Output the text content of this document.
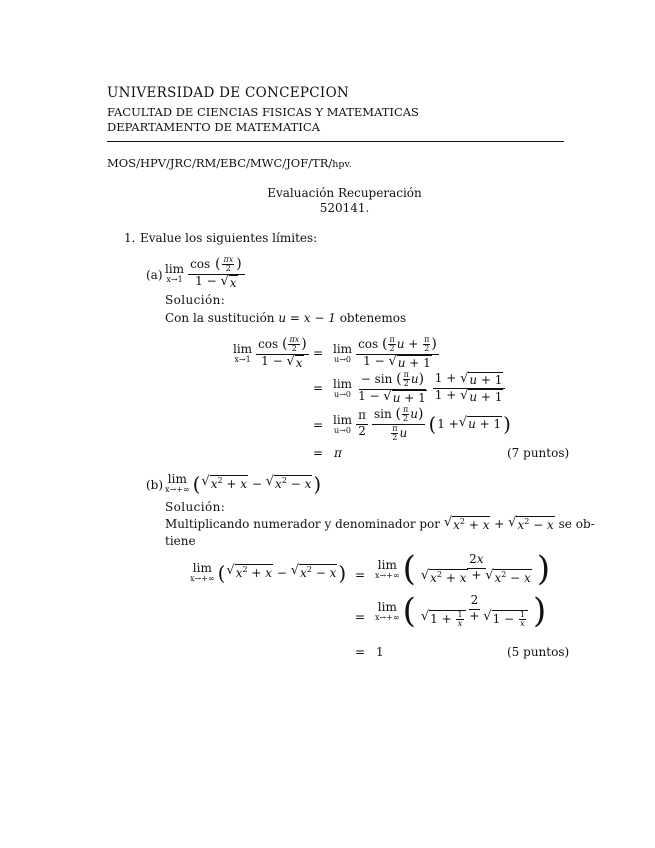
UNIVERSIDAD DE CONCEPCION
FACULTAD DE CIENCIAS FISICAS Y MATEMATICAS
DEPARTAMENTO DE MATEMATICA
MOS/HPV/JRC/RM/EBC/MWC/JOF/TR/hpv.
Evaluación Recuperación
520141.
1. Evalue los siguientes límites:
(a) lim
$x\to 1 \frac{\cos ( \frac{\pi x}{2} )}{1 - √ x}$
Solución:
Con la sustitución u = x − 1 obtenemos
lim
$x\to 1 \frac{\cos ( \frac{\pi x}{2} )}{1 - √ x} = \lim$
$u\to 0 \frac{\cos ( \frac{\pi}{2} u + \frac{\pi}{2} )}{1 - √ u + 1}$
= lim
$u\to 0 \frac{- \sin ( \frac{\pi}{2} u)}{1 - √ u + 1} \frac{1 + √ u + 1}{1 + √ u + 1}$
= lim
$u\to 0 \frac{\pi}{2} \frac{\sin ( \frac{\pi}{2} u)}{\frac{\pi}{2} u}$ ( 1 + √ u + 1 )
= π	(7 puntos)
(b) lim
x→+∞ ( √ $x^2 + x$ − √ $x^2 - x$ )
Solución:
Multiplicando numerador y denominador por
√ $x^2 + x$ + √ $x^2 - x$
se ob-
tiene
lim
x→+∞ ( √ $x^2 + x$ − √ $x^2 - x$ ) =
lim
x→+∞ ( $\frac{2x}{√ x^2 + x + √ x^2 - x}$ )
=
lim
x→+∞ ( $\frac{2}{√ 1 + \frac{1}{x} + √ 1 - \frac{1}{x}}$ )
= 1	(5 puntos)
